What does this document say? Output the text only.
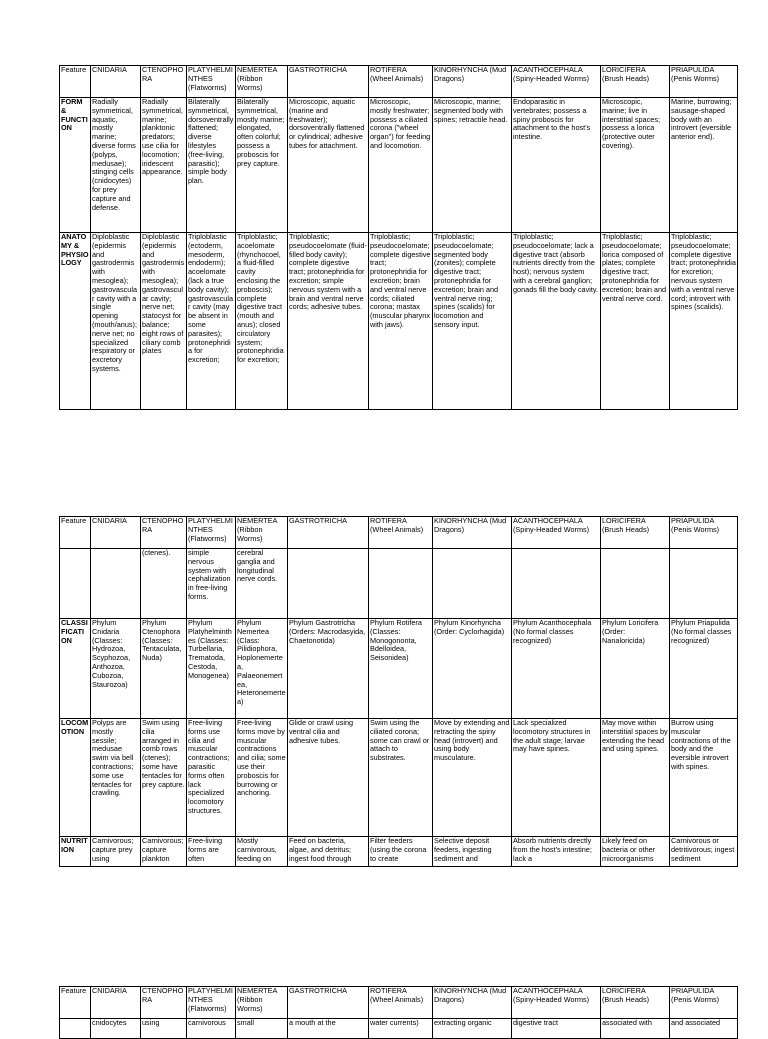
Feature	CNIDARIA	CTENOPHORA	PLATYHELMINTHES (Flatworms)	NEMERTEA (Ribbon Worms)	GASTROTRICHA	ROTIFERA (Wheel Animals)	KINORHYNCHA (Mud Dragons)	ACANTHOCEPHALA (Spiny-Headed Worms)	LORICIFERA (Brush Heads)	PRIAPULIDA (Penis Worms)
FORM & FUNCTION	Radially symmetrical, aquatic, mostly marine; diverse forms (polyps, medusae); stinging cells (cnidocytes) for prey capture and defense.	Radially symmetrical, marine; planktonic predators; use cilia for locomotion; iridescent appearance.	Bilaterally symmetrical, dorsoventrally flattened; diverse lifestyles (free-living, parasitic); simple body plan.	Bilaterally symmetrical, mostly marine; elongated, often colorful; possess a proboscis for prey capture.	Microscopic, aquatic (marine and freshwater); dorsoventrally flattened or cylindrical; adhesive tubes for attachment.	Microscopic, mostly freshwater; possess a ciliated corona ("wheel organ") for feeding and locomotion.	Microscopic, marine; segmented body with spines; retractile head.	Endoparasitic in vertebrates; possess a spiny proboscis for attachment to the host's intestine.	Microscopic, marine; live in interstitial spaces; possess a lorica (protective outer covering).	Marine, burrowing; sausage-shaped body with an introvert (eversible anterior end).
ANATOMY & PHYSIOLOGY	Diploblastic (epidermis and gastrodermis with mesoglea); gastrovascular cavity with a single opening (mouth/anus); nerve net; no specialized respiratory or excretory systems.	Diploblastic (epidermis and gastrodermis with mesoglea); gastrovascular cavity; nerve net; statocyst for balance; eight rows of ciliary comb plates	Triploblastic (ectoderm, mesoderm, endoderm); acoelomate (lack a true body cavity); gastrovascular cavity (may be absent in some parasites); protonephridia for excretion;	Triploblastic; acoelomate (rhynchocoel, a fluid-filled cavity enclosing the proboscis); complete digestive tract (mouth and anus); closed circulatory system; protonephridia for excretion;	Triploblastic; pseudocoelomate (fluid-filled body cavity); complete digestive tract; protonephridia for excretion; simple nervous system with a brain and ventral nerve cords; adhesive tubes.	Triploblastic; pseudocoelomate; complete digestive tract; protonephridia for excretion; brain and ventral nerve cords; ciliated corona; mastax (muscular pharynx with jaws).	Triploblastic; pseudocoelomate; segmented body (zonites); complete digestive tract; protonephridia for excretion; brain and ventral nerve ring; spines (scalids) for locomotion and sensory input.	Triploblastic; pseudocoelomate; lack a digestive tract (absorb nutrients directly from the host); nervous system with a cerebral ganglion; gonads fill the body cavity.	Triploblastic; pseudocoelomate; lorica composed of plates; complete digestive tract; protonephridia for excretion; brain and ventral nerve cord.	Triploblastic; pseudocoelomate; complete digestive tract; protonephridia for excretion; nervous system with a ventral nerve cord; introvert with spines (scalids).
Feature	CNIDARIA	CTENOPHORA	PLATYHELMINTHES (Flatworms)	NEMERTEA (Ribbon Worms)	GASTROTRICHA	ROTIFERA (Wheel Animals)	KINORHYNCHA (Mud Dragons)	ACANTHOCEPHALA (Spiny-Headed Worms)	LORICIFERA (Brush Heads)	PRIAPULIDA (Penis Worms)
		(ctenes).	simple nervous system with cephalization in free-living forms.	cerebral ganglia and longitudinal nerve cords.						
CLASSIFICATION	Phylum Cnidaria (Classes: Hydrozoa, Scyphozoa, Anthozoa, Cubozoa, Staurozoa)	Phylum Ctenophora (Classes: Tentaculata, Nuda)	Phylum Platyhelminthes (Classes: Turbellaria, Trematoda, Cestoda, Monogenea)	Phylum Nemertea (Class: Pilidiophora, Hoplonemertea, Palaeonemertea, Heteronemertea)	Phylum Gastrotricha (Orders: Macrodasyida, Chaetonotida)	Phylum Rotifera (Classes: Monogononta, Bdelloidea, Seisonidea)	Phylum Kinorhyncha (Order: Cyclorhagida)	Phylum Acanthocephala (No formal classes recognized)	Phylum Loricifera (Order: Nanaloricida)	Phylum Priapulida (No formal classes recognized)
LOCOMOTION	Polyps are mostly sessile; medusae swim via bell contractions; some use tentacles for crawling.	Swim using cilia arranged in comb rows (ctenes); some have tentacles for prey capture.	Free-living forms use cilia and muscular contractions; parasitic forms often lack specialized locomotory structures.	Free-living forms move by muscular contractions and cilia; some use their proboscis for burrowing or anchoring.	Glide or crawl using ventral cilia and adhesive tubes.	Swim using the ciliated corona; some can crawl or attach to substrates.	Move by extending and retracting the spiny head (introvert) and using body musculature.	Lack specialized locomotory structures in the adult stage; larvae may have spines.	May move within interstitial spaces by extending the head and using spines.	Burrow using muscular contractions of the body and the eversible introvert with spines.
NUTRITION	Carnivorous; capture prey using	Carnivorous; capture plankton	Free-living forms are often	Mostly carnivorous, feeding on	Feed on bacteria, algae, and detritus; ingest food through	Filter feeders (using the corona to create	Selective deposit feeders, ingesting sediment and	Absorb nutrients directly from the host's intestine; lack a	Likely feed on bacteria or other microorganisms	Carnivorous or detritivorous; ingest sediment
Feature	CNIDARIA	CTENOPHORA	PLATYHELMINTHES (Flatworms)	NEMERTEA (Ribbon Worms)	GASTROTRICHA	ROTIFERA (Wheel Animals)	KINORHYNCHA (Mud Dragons)	ACANTHOCEPHALA (Spiny-Headed Worms)	LORICIFERA (Brush Heads)	PRIAPULIDA (Penis Worms)
	cnidocytes	using	carnivorous	small	a mouth at the	water currents)	extracting organic	digestive tract	associated with	and associated
